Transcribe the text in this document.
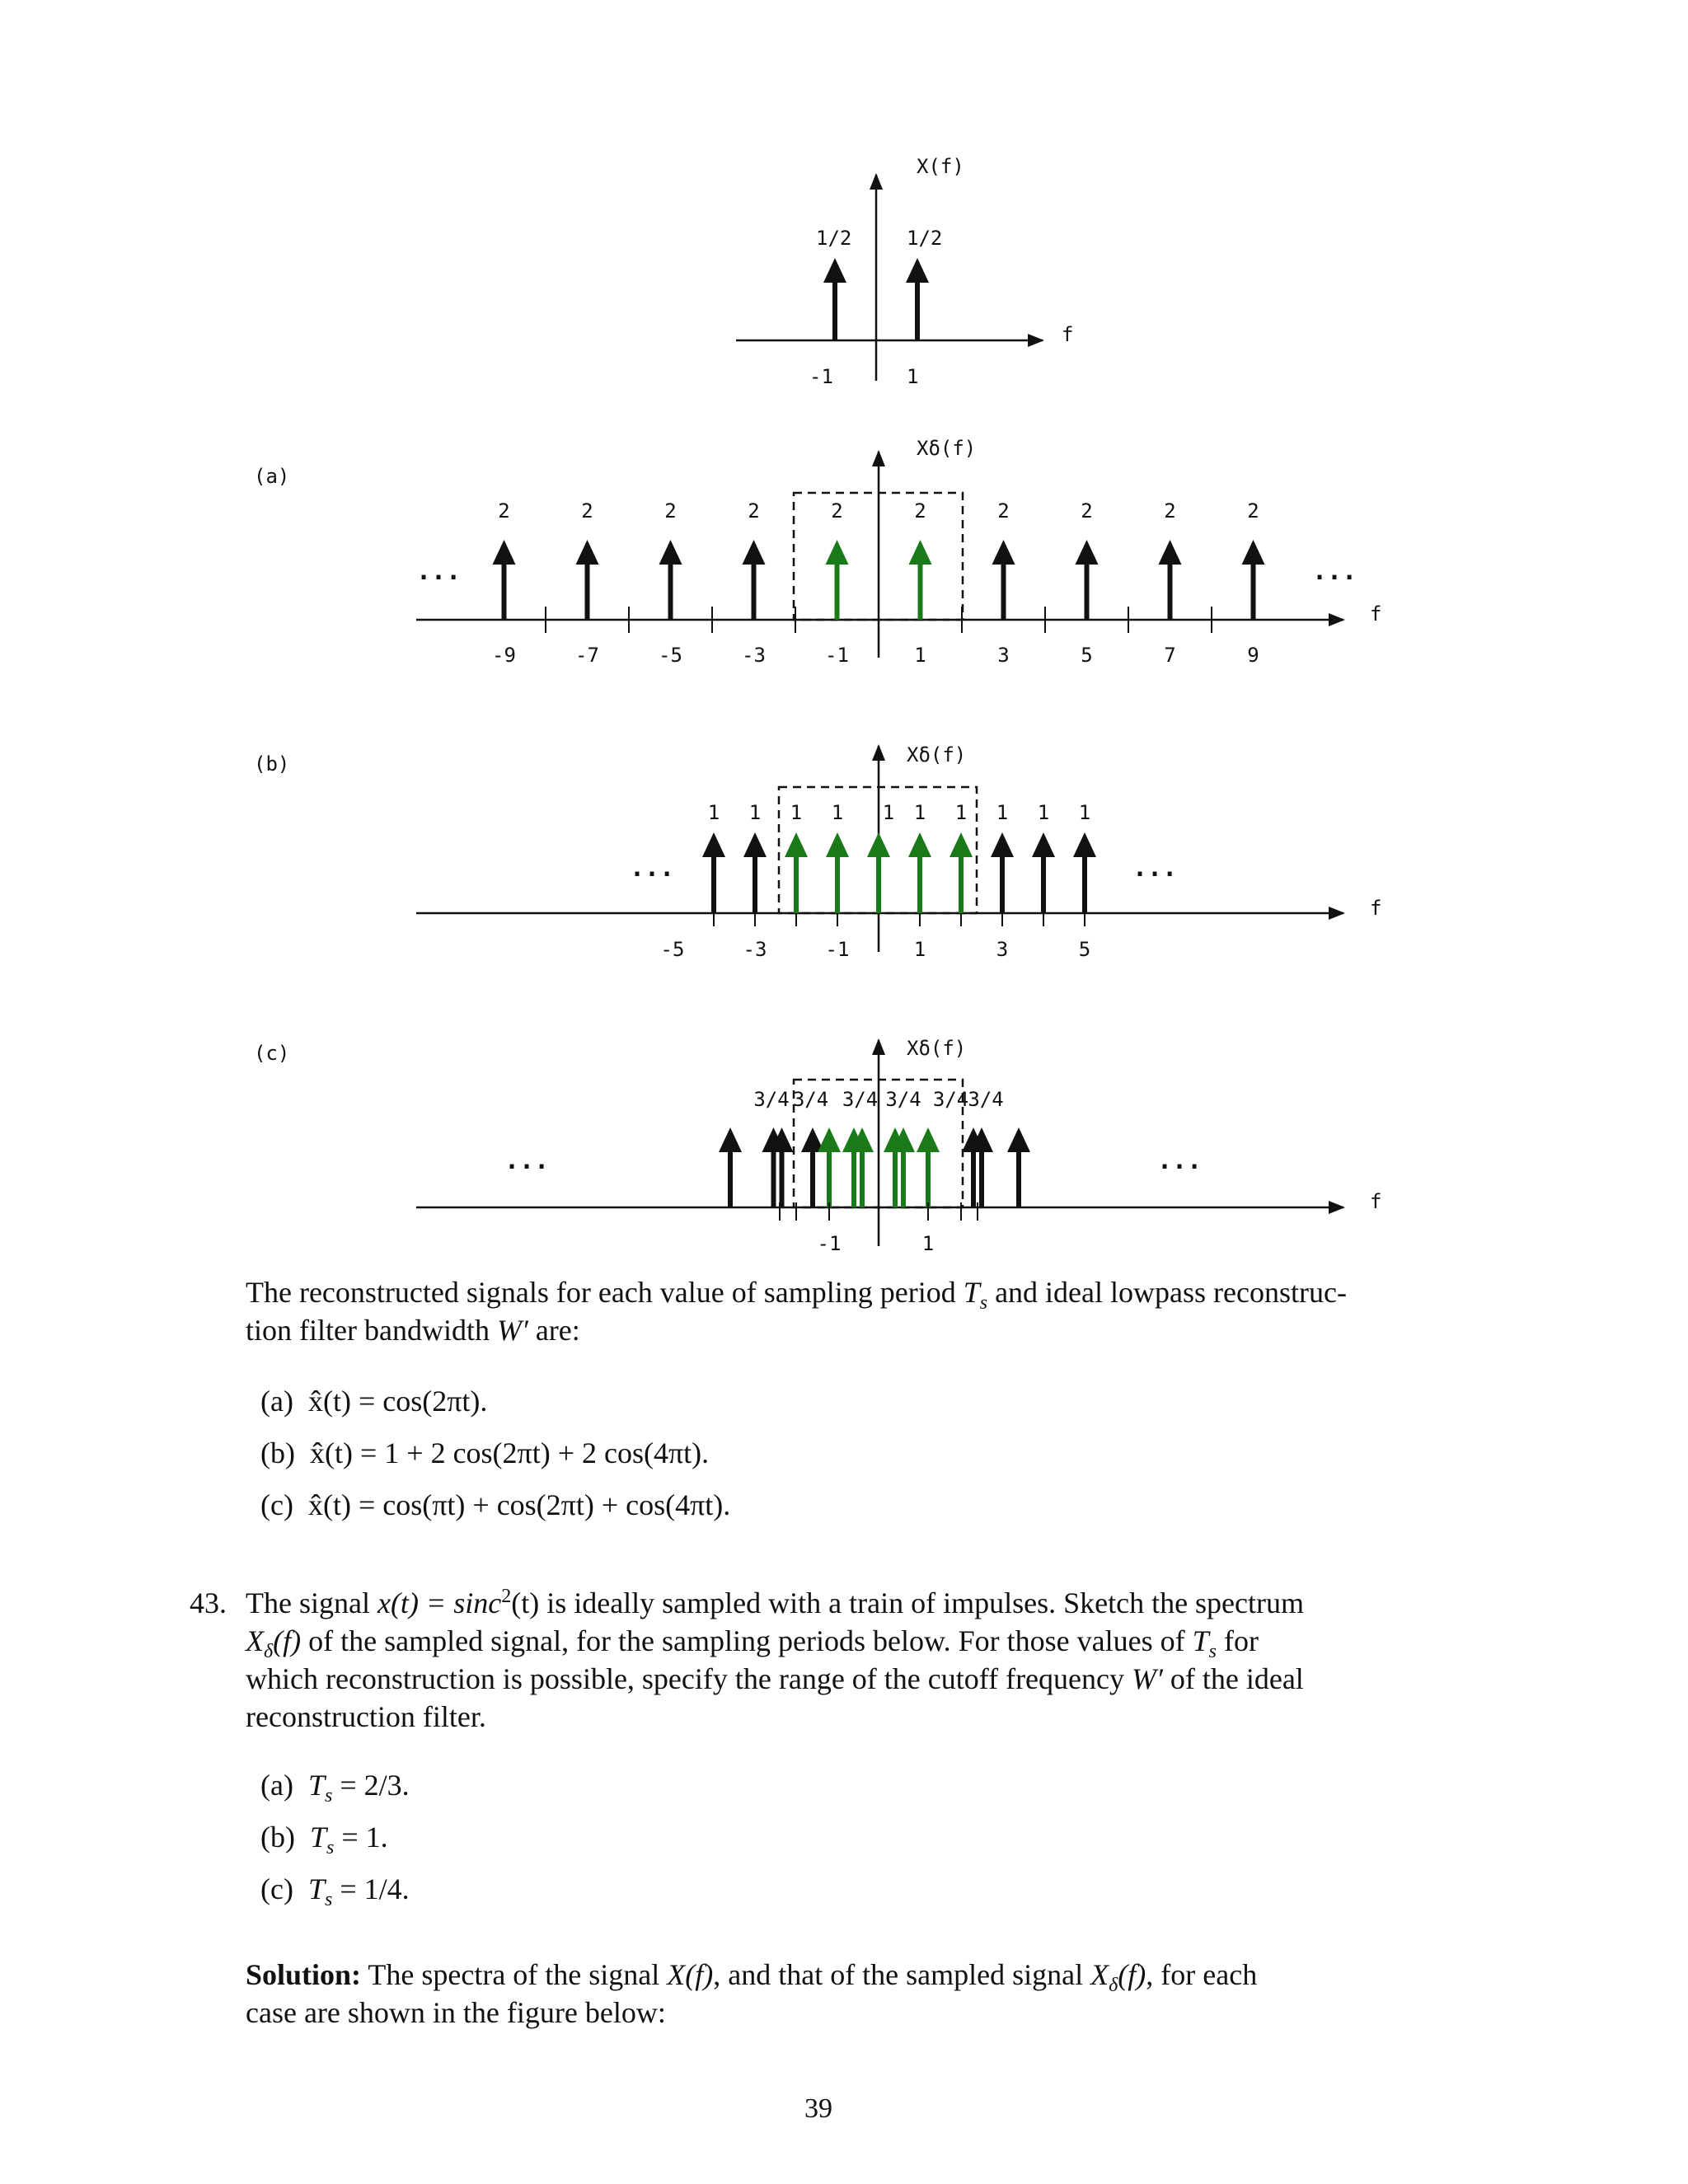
X(f)
f
1/2	1/2
-1	1
(a)
Xδ(f)
f
...	...
2
-9
2
-7
2
-5
2
-3
2
-1
2
1
2
3
2
5
2
7
2
9
(b)	Xδ(f)
f
...	...
1 1 1 1 1 1 1 1 1 1
-5	-3	-1	1	3	5
(c)	Xδ(f)
f
...	...
3/4 3/4 3/4 3/4 3/4 3/4
-1	1
The reconstructed signals for each value of sampling period $T_s$ and ideal lowpass reconstruc-
tion filter bandwidth W′ are:
(a) x̂(t) = cos(2πt).
(b) x̂(t) = 1 + 2 cos(2πt) + 2 cos(4πt).
(c) x̂(t) = cos(πt) + cos(2πt) + cos(4πt).
43. The signal x(t) = sinc$^2$(t) is ideally sampled with a train of impulses. Sketch the spectrum
$X_\delta(f)$ of the sampled signal, for the sampling periods below. For those values of $T_s$ for
which reconstruction is possible, specify the range of the cutoff frequency W′ of the ideal
reconstruction filter.
(a) $T_s = 2/3$.
(b) $T_s = 1$.
(c) $T_s = 1/4$.
Solution: The spectra of the signal X(f), and that of the sampled signal $X_\delta(f)$, for each
case are shown in the figure below:
39
